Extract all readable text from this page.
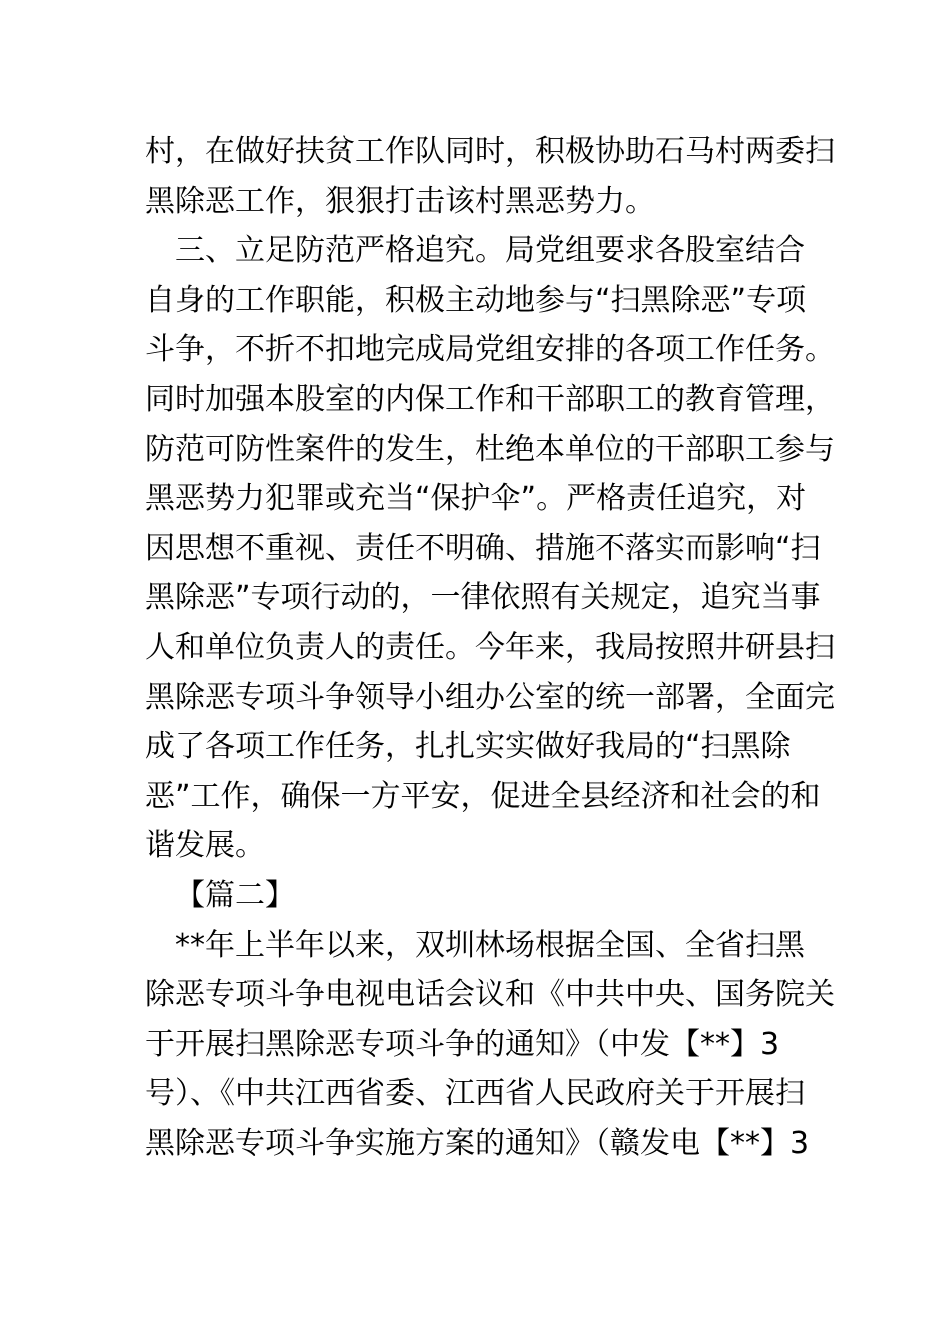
村，在做好扶贫工作队同时，积极协助石马村两委扫
黑除恶工作，狠狠打击该村黑恶势力。
三、立足防范严格追究。局党组要求各股室结合
自身的工作职能，积极主动地参与“扫黑除恶”专项
斗争，不折不扣地完成局党组安排的各项工作任务。
同时加强本股室的内保工作和干部职工的教育管理，
防范可防性案件的发生，杜绝本单位的干部职工参与
黑恶势力犯罪或充当“保护伞”。严格责任追究，对
因思想不重视、责任不明确、措施不落实而影响“扫
黑除恶”专项行动的，一律依照有关规定，追究当事
人和单位负责人的责任。今年来，我局按照井研县扫
黑除恶专项斗争领导小组办公室的统一部署，全面完
成了各项工作任务，扎扎实实做好我局的“扫黑除
恶”工作，确保一方平安，促进全县经济和社会的和
谐发展。
【篇二】
**年上半年以来，双圳林场根据全国、全省扫黑
除恶专项斗争电视电话会议和《中共中央、国务院关
于开展扫黑除恶专项斗争的通知》（中发【**】3
号）、《中共江西省委、江西省人民政府关于开展扫
黑除恶专项斗争实施方案的通知》（赣发电【**】3
